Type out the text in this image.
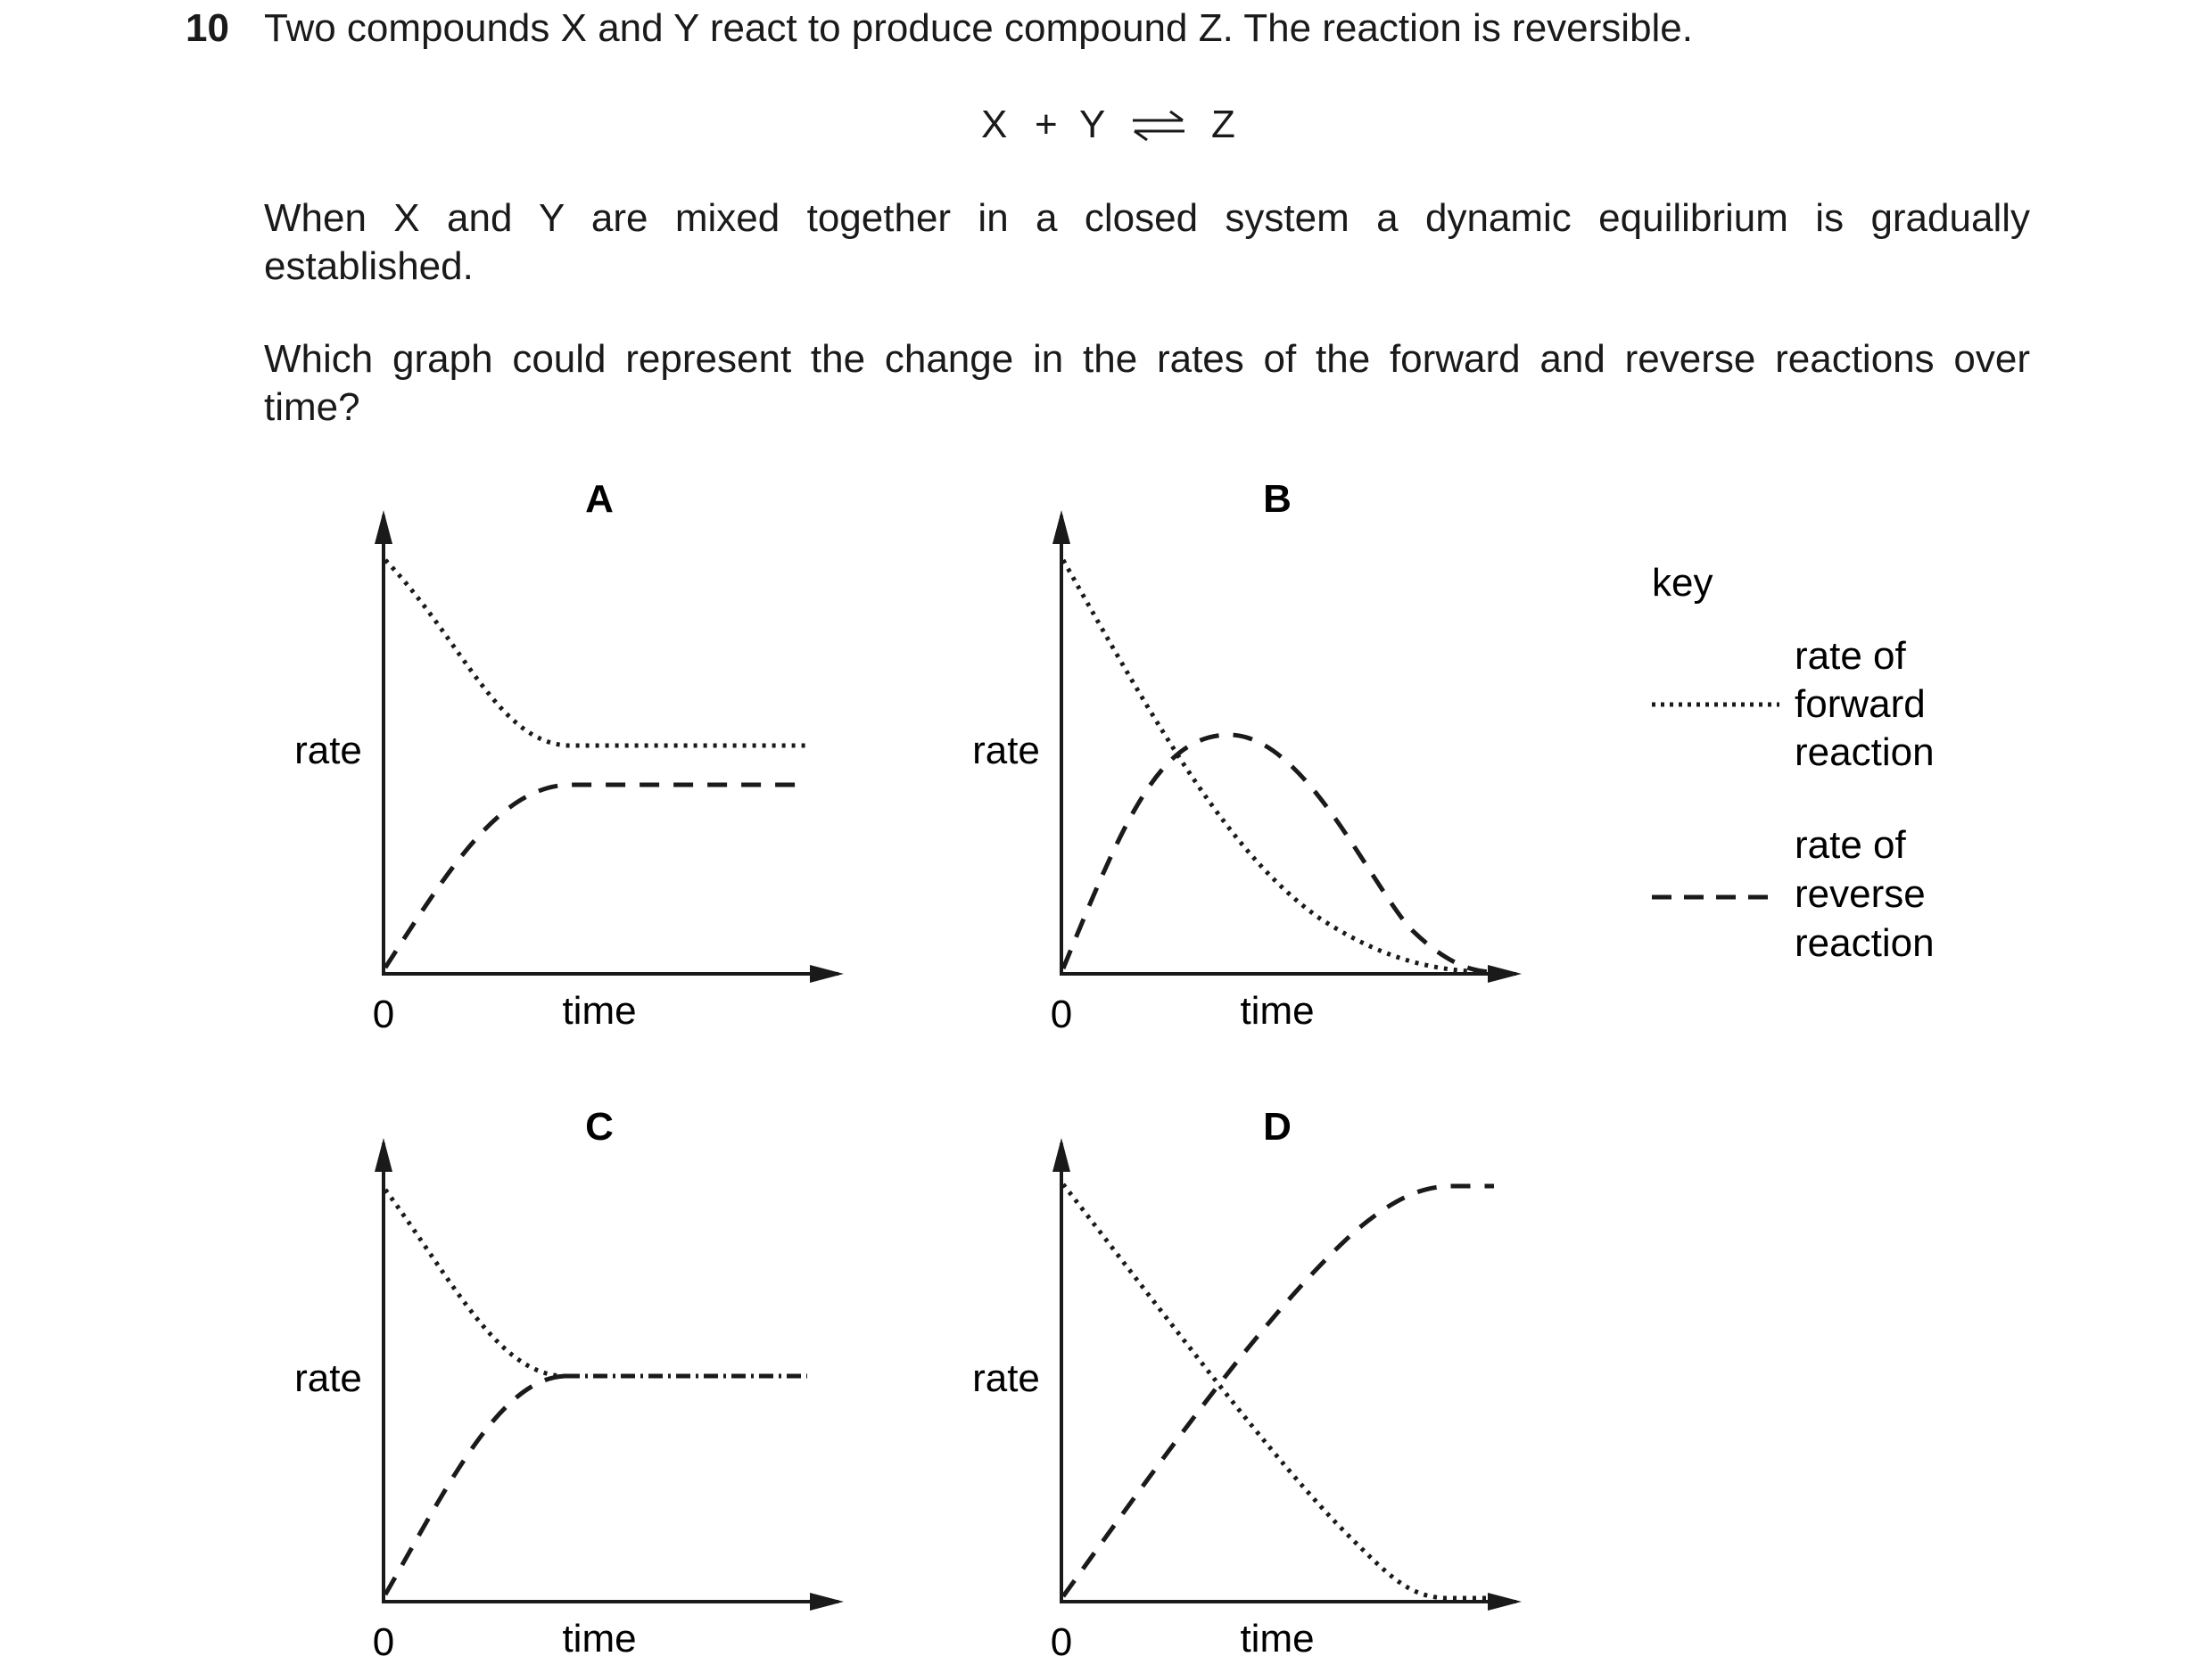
10 Two compounds X and Y react to produce compound Z. The reaction is reversible.
X + Y ⇌ Z
When X and Y are mixed together in a closed system a dynamic equilibrium is gradually
established.
Which graph could represent the change in the rates of the forward and reverse reactions over
time?
A
rate
time
0
B
rate
time
0
C
rate
time
0
D
rate
time
0
key
rate of
forward
reaction
rate of
reverse
reaction
